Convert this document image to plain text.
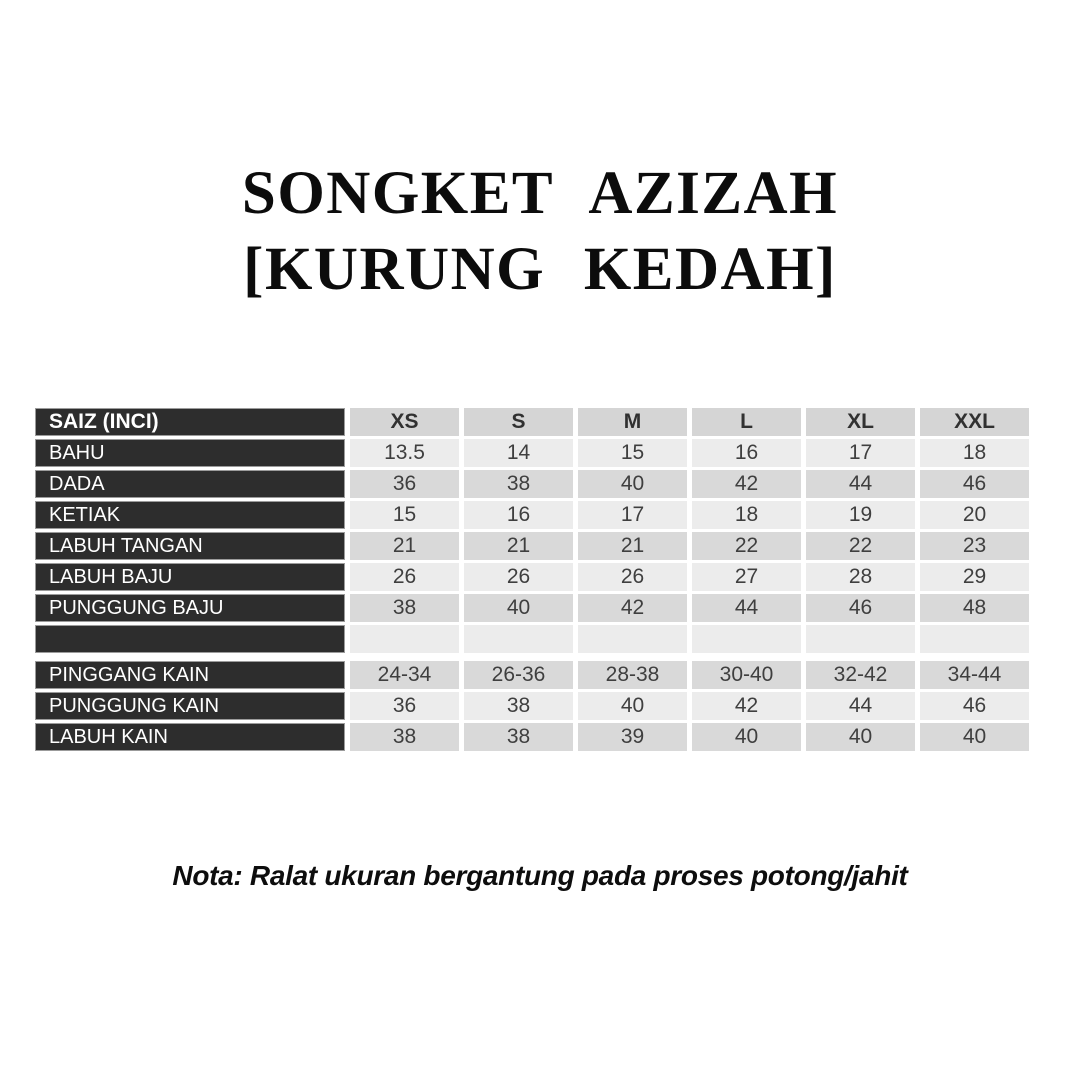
SONGKET AZIZAH
[KURUNG KEDAH]
SAIZ (INCI)	XS	S	M	L	XL	XXL
BAHU	13.5	14	15	16	17	18
DADA	36	38	40	42	44	46
KETIAK	15	16	17	18	19	20
LABUH TANGAN	21	21	21	22	22	23
LABUH BAJU	26	26	26	27	28	29
PUNGGUNG BAJU	38	40	42	44	46	48

PINGGANG KAIN	24-34	26-36	28-38	30-40	32-42	34-44
PUNGGUNG KAIN	36	38	40	42	44	46
LABUH KAIN	38	38	39	40	40	40
Nota: Ralat ukuran bergantung pada proses potong/jahit
